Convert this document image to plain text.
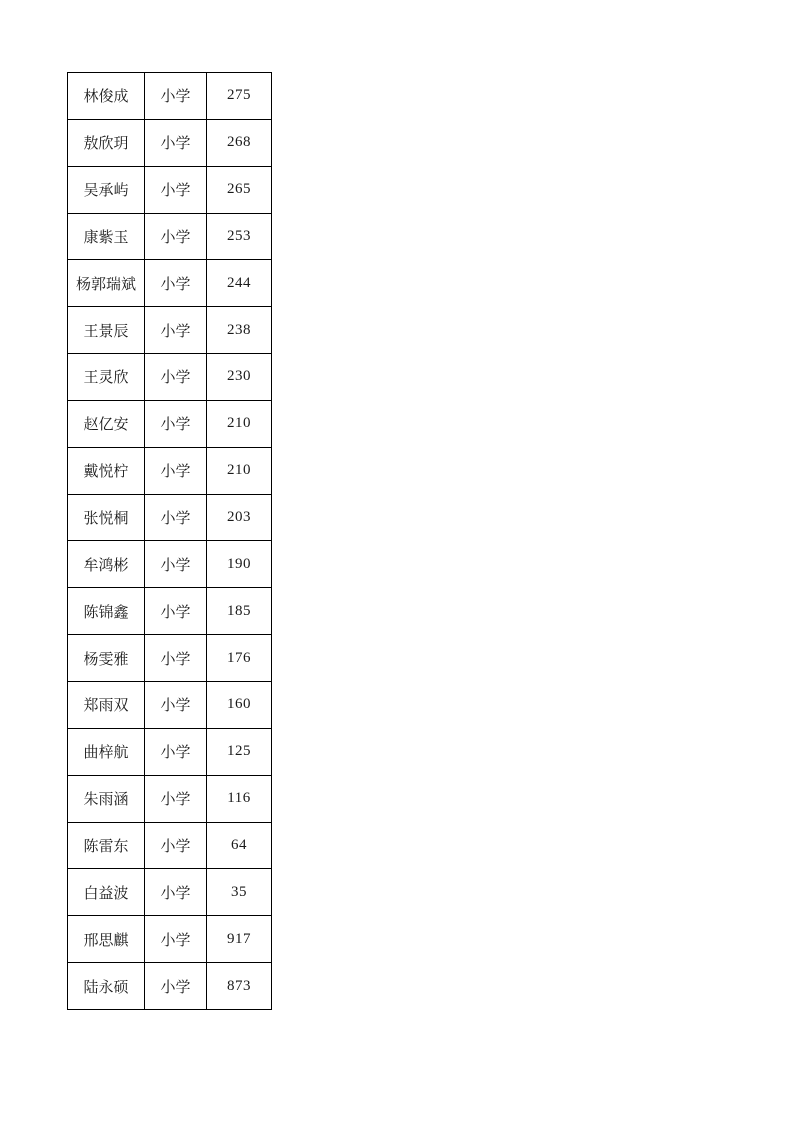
林俊成	小学	275
敖欣玥	小学	268
吴承屿	小学	265
康紫玉	小学	253
杨郭瑞斌	小学	244
王景辰	小学	238
王灵欣	小学	230
赵亿安	小学	210
戴悦柠	小学	210
张悦桐	小学	203
牟鸿彬	小学	190
陈锦鑫	小学	185
杨雯雅	小学	176
郑雨双	小学	160
曲梓航	小学	125
朱雨涵	小学	116
陈雷东	小学	64
白益波	小学	35
邢思麒	小学	917
陆永硕	小学	873
